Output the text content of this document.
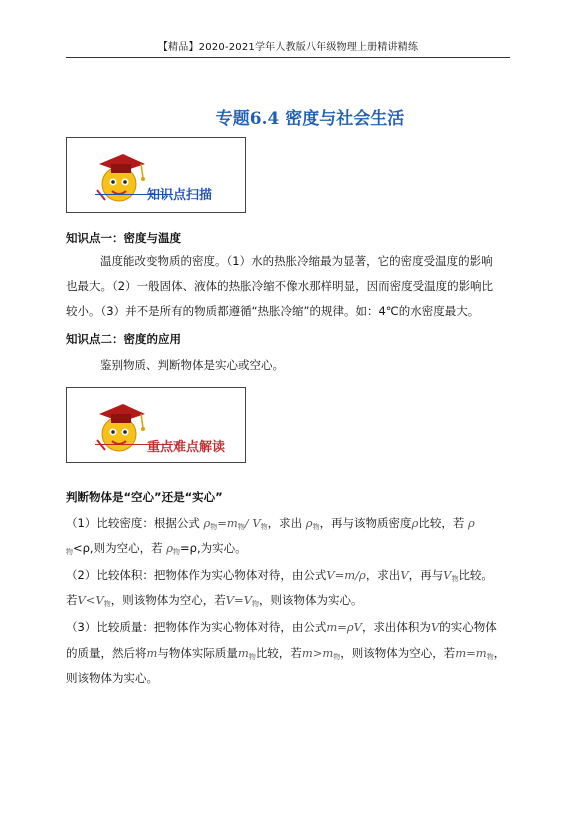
【精品】2020-2021学年人教版八年级物理上册精讲精练
专题6.4 密度与社会生活
知识点扫描
知识点一：密度与温度
温度能改变物质的密度。（1）水的热胀冷缩最为显著，它的密度受温度的影响
也最大。（2）一般固体、液体的热胀冷缩不像水那样明显，因而密度受温度的影响比
较小。（3）并不是所有的物质都遵循“热胀冷缩”的规律。如：4℃的水密度最大。
知识点二：密度的应用
鉴别物质、判断物体是实心或空心。
重点难点解读
判断物体是“空心”还是“实心”
（1）比较密度：根据公式 $\rho_物=m_物/$ $V_物$，求出 $\rho_物$，再与该物质密度ρ比较，若 ρ
$_物$<ρ,则为空心，若 $\rho_物=\rho$,为实心。
（2）比较体积：把物体作为实心物体对待，由公式V=m/ρ，求出V，再与$V_物$比较。
若$V<V_物$，则该物体为空心，若$V=V_物$，则该物体为实心。
（3）比较质量：把物体作为实心物体对待，由公式m=ρV，求出体积为V的实心物体
的质量，然后将m与物体实际质量$m_物$比较，若$m>m_物$，则该物体为空心，若$m=m_物$，
则该物体为实心。
